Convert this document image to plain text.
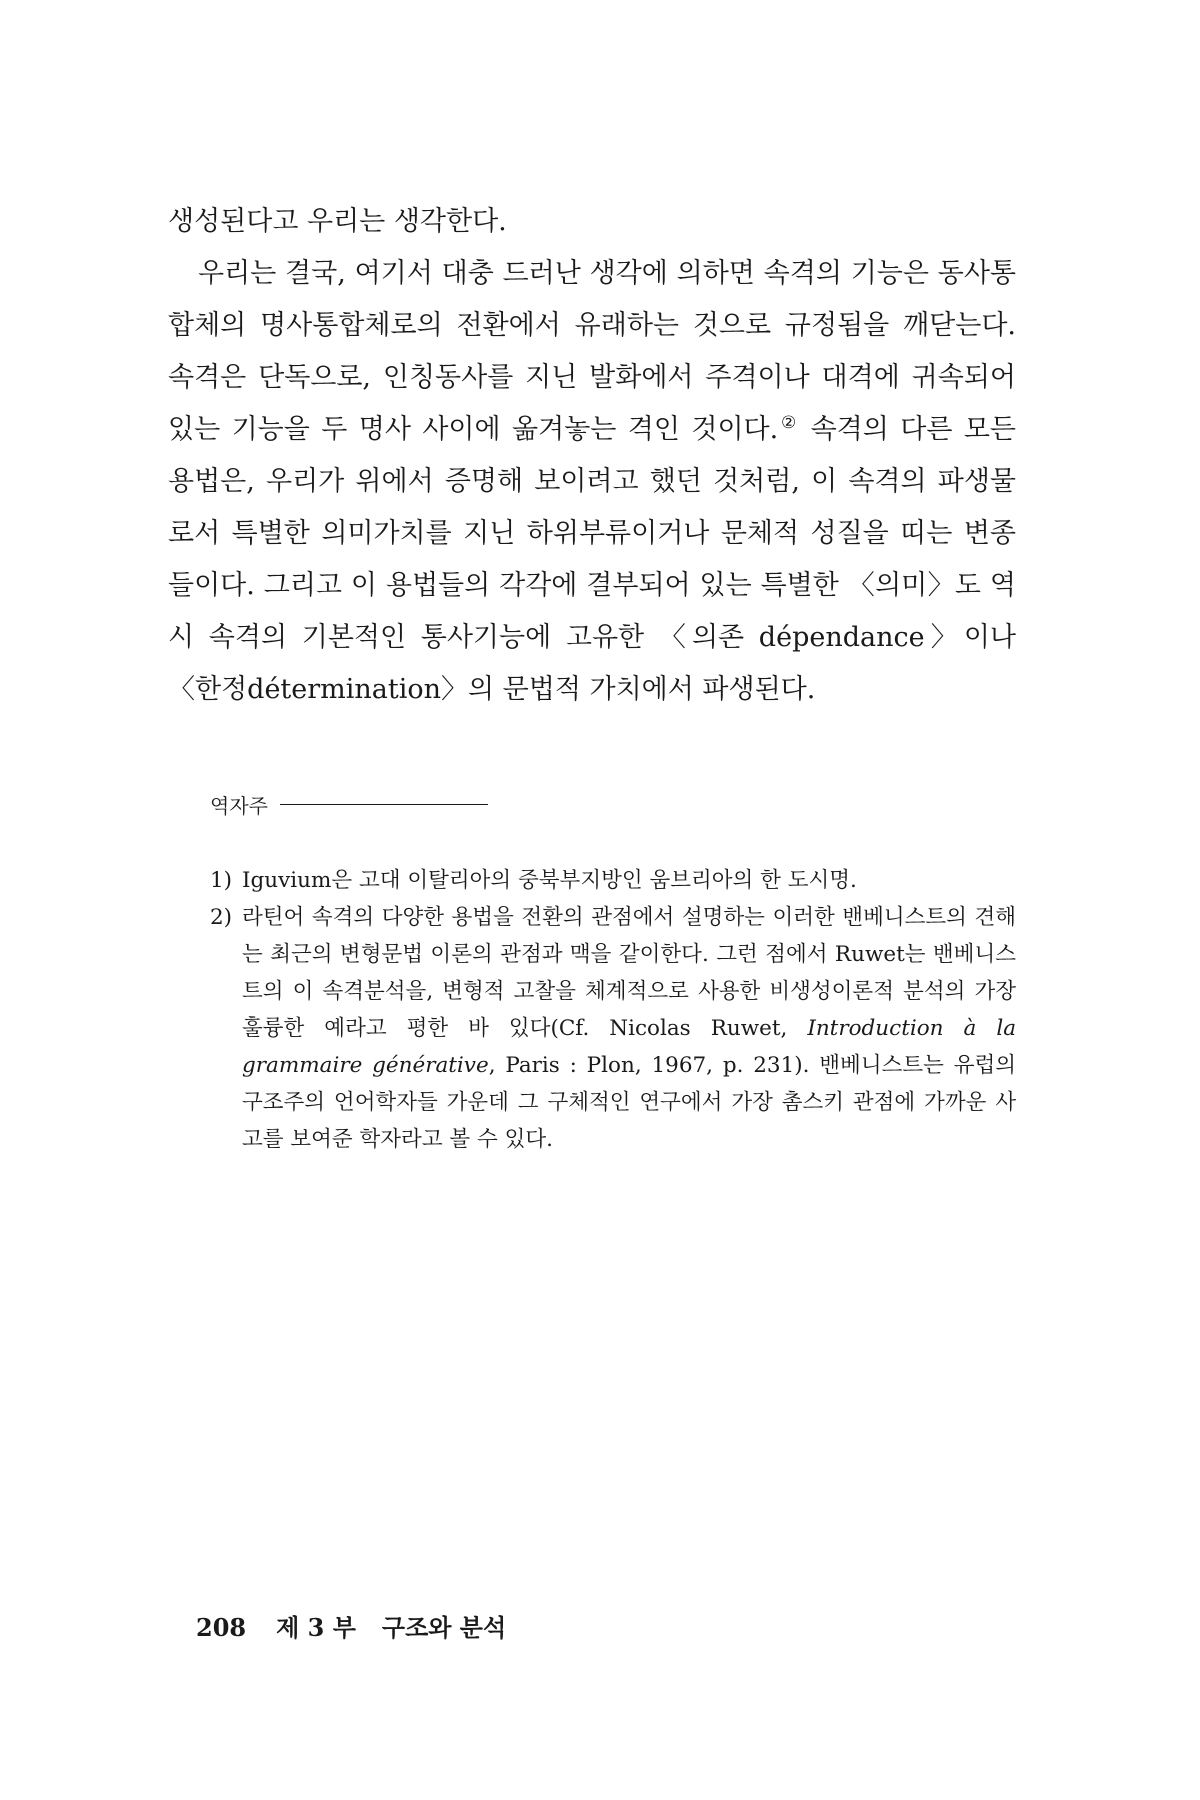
생성된다고 우리는 생각한다.

우리는 결국, 여기서 대충 드러난 생각에 의하면 속격의 기능은 동사통합체의 명사통합체로의 전환에서 유래하는 것으로 규정됨을 깨닫는다. 속격은 단독으로, 인칭동사를 지닌 발화에서 주격이나 대격에 귀속되어 있는 기능을 두 명사 사이에 옮겨놓는 격인 것이다.② 속격의 다른 모든 용법은, 우리가 위에서 증명해 보이려고 했던 것처럼, 이 속격의 파생물로서 특별한 의미가치를 지닌 하위부류이거나 문체적 성질을 띠는 변종들이다. 그리고 이 용법들의 각각에 결부되어 있는 특별한 〈의미〉도 역시 속격의 기본적인 통사기능에 고유한 〈의존 dépendance〉이나 〈한정détermination〉의 문법적 가치에서 파생된다.

역자주
1) Iguvium은 고대 이탈리아의 중북부지방인 움브리아의 한 도시명.
2) 라틴어 속격의 다양한 용법을 전환의 관점에서 설명하는 이러한 밴베니스트의 견해는 최근의 변형문법 이론의 관점과 맥을 같이한다. 그런 점에서 Ruwet는 밴베니스트의 이 속격분석을, 변형적 고찰을 체계적으로 사용한 비생성이론적 분석의 가장 훌륭한 예라고 평한 바 있다(Cf. Nicolas Ruwet, Introduction à la grammaire générative, Paris : Plon, 1967, p. 231). 밴베니스트는 유럽의 구조주의 언어학자들 가운데 그 구체적인 연구에서 가장 촘스키 관점에 가까운 사고를 보여준 학자라고 볼 수 있다.
208 제 3 부 구조와 분석
